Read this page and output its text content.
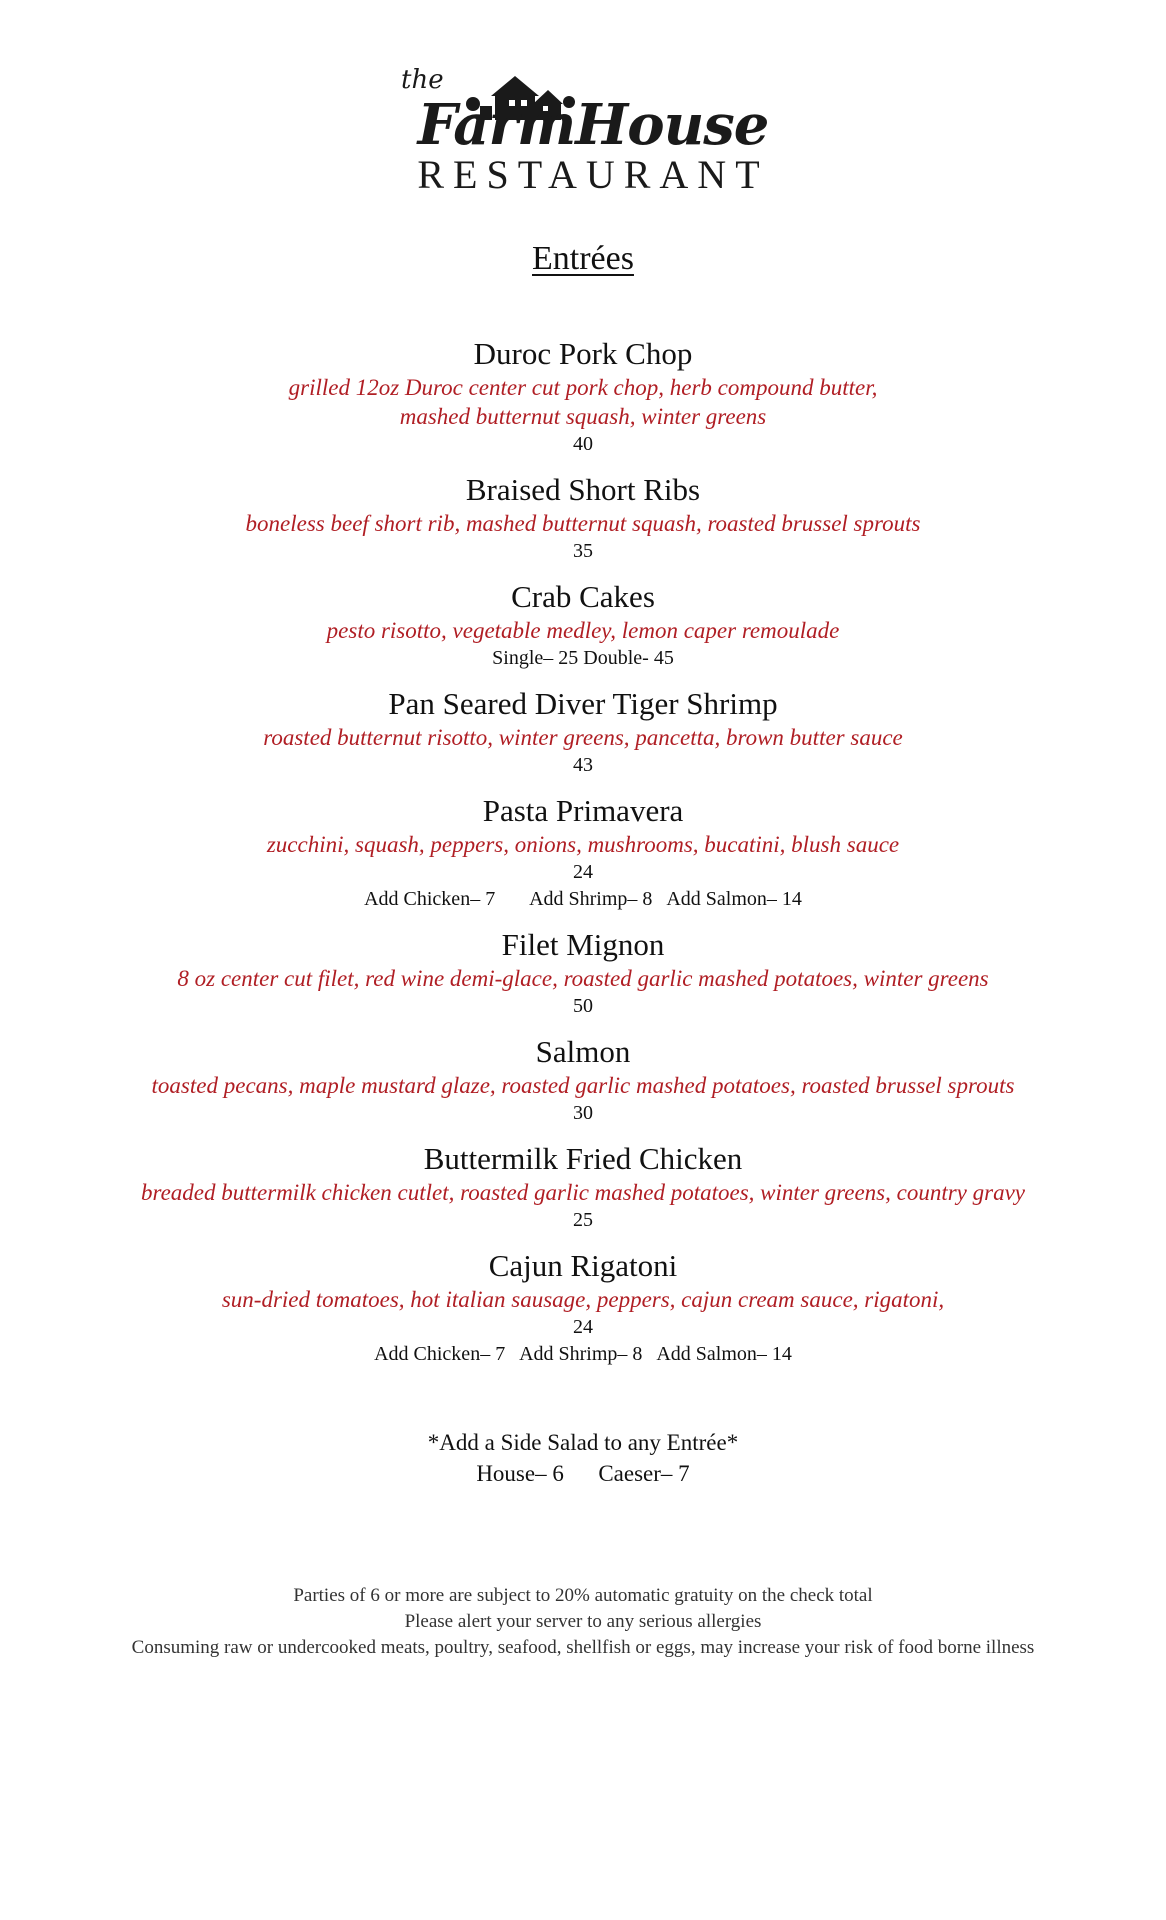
the
FarmHouse
RESTAURANT
Entrées
Duroc Pork Chop
grilled 12oz Duroc center cut pork chop, herb compound butter,
mashed butternut squash, winter greens
40
Braised Short Ribs
boneless beef short rib, mashed butternut squash, roasted brussel sprouts
35
Crab Cakes
pesto risotto, vegetable medley, lemon caper remoulade
Single– 25 Double- 45
Pan Seared Diver Tiger Shrimp
roasted butternut risotto, winter greens, pancetta, brown butter sauce
43
Pasta Primavera
zucchini, squash, peppers, onions, mushrooms, bucatini, blush sauce
24
Add Chicken– 7       Add Shrimp– 8   Add Salmon– 14
Filet Mignon
8 oz center cut filet, red wine demi-glace, roasted garlic mashed potatoes, winter greens
50
Salmon
toasted pecans, maple mustard glaze, roasted garlic mashed potatoes, roasted brussel sprouts
30
Buttermilk Fried Chicken
breaded buttermilk chicken cutlet, roasted garlic mashed potatoes, winter greens, country gravy
25
Cajun Rigatoni
sun-dried tomatoes, hot italian sausage, peppers, cajun cream sauce, rigatoni,
24
Add Chicken– 7   Add Shrimp– 8   Add Salmon– 14
*Add a Side Salad to any Entrée*
House– 6      Caeser– 7
Parties of 6 or more are subject to 20% automatic gratuity on the check total
Please alert your server to any serious allergies
Consuming raw or undercooked meats, poultry, seafood, shellfish or eggs, may increase your risk of food borne illness
